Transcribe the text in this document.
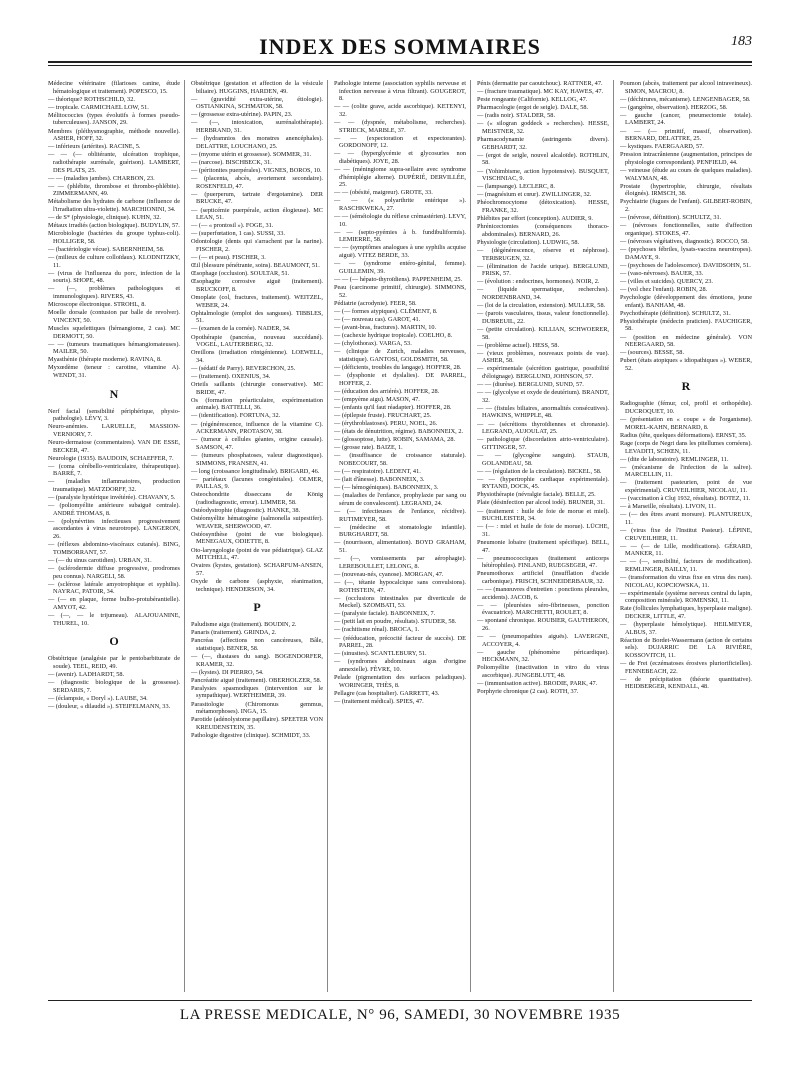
INDEX DES SOMMAIRES	183
Médecine vétérinaire (filarioses canine, étude hématologique et traitement). POPESCO, 15.
— théorique? ROTHSCHILD, 32.
— tropicale. CARMICHAEL LOW, 51.
Mélitococcies (types évolutifs à formes pseudo-tuberculeuses). JANSON, 29.
Membres (pléthysmographie, méthode nouvelle). ASHER, HOFF, 32.
— inférieurs (artérites). RACINE, 5.
— — (— oblitérante, ulcération trophique, radiothérapie surrénale, guérison). LAMBERT, DES PLATS, 25.
— — (maladies jambes). CHARBON, 23.
— — (phlébite, thrombose et thrombo-phlébite). ZIMMERMANN, 49.
Métabolisme des hydrates de carbone (influence de l'irradiation ultra-violette). MARCHIONINI, 34.
— de S* (physiologie, clinique). KUHN, 32.
Métaux irradiés (action biologique). BUDYLIN, 57.
Microbiologie (bactéries du groupe typhus-coli). HOLLIGER, 58.
— (bactériologie vécue). SABERNHEIM, 58.
— (milieux de culture colloïdaux). KLODNITZKY, 11.
— (virus de l'influenza du porc, infection de la souris). SHOPE, 48.
— (—, problèmes pathologiques et immunologiques). RIVERS, 43.
Microscope électronique. STROHL, 8.
Moelle dorsale (contusion par balle de revolver). VINCENT, 50.
Muscles squelettiques (hémangiome, 2 cas). MC DERMOTT, 50.
— — (tumeurs traumatiques hémangiomateuses). MAILER, 50.
Myasthénie (thérapie moderne). RAVINA, 8.
Myxœdème (teneur : carotine, vitamine A). WENDT, 31.
N
Nerf facial (sensibilité périphérique, physio-pathologie). LÉVY, 3.
Neuro-anémies. LARUELLE, MASSION-VERNIORY, 7.
Neuro-dermatose (commentaires). VAN DE ESSE, BECKER, 47.
Neurologie (1935). BAUDOIN, SCHAEFFER, 7.
— (coma cérébello-ventriculaire, thérapeutique). BARRÉ, 7.
— (maladies inflammatoires, production traumatique). MATZDORFF, 32.
— (paralysie hystérique invétérée). CHAVANY, 5.
— (poliomyélite antérieure subaiguë centrale). ANDRÉ THOMAS, 8.
— (polynévrites infectieuses progressivement ascendantes à virus neurotrope). LANGERON, 26.
— (réflexes abdomino-viscéraux cutanés). BING, TOMBORRANT, 57.
— (— du sinus carotidien). URBAN, 31.
— (sclérodermie diffuse progressive, prodromes peu connus). NARGELI, 58.
— (sclérose latérale amyotrophique et syphilis). NAYRAC, PATOIR, 34.
— (— en plaque, forme bulbo-protubérantielle). AMYOT, 42.
— (—, — le trijumeau). ALAJOUANINE, THUREL, 10.
O
Obstétrique (analgésie par le pentobarbiturate de soude). TEEL, REID, 49.
— (avenir). LADHARDT, 58.
— (diagnostic biologique de la grossesse). SERDARIS, 7.
— (éclampsie, « Doryl »). LAUBE, 34.
— (douleur, « dilaudid »). STEIFELMANN, 33.
Obstétrique (gestation et affection de la vésicule biliaire). HUGGINS, HARDEN, 49.
— (gravidité extra-utérine, étiologie). OSTIANKINA, SCHMATOK, 58.
— (grossesse extra-utérine). PAPIN, 23.
— (—, intoxication, surrénalothérapie). HERBRAND, 31.
— (hydramnios des monstres anencéphales). DELATTRE, LOUCHANO, 25.
— (myome utérin et grossesse). SOMMER, 31.
— (narcose). BISCHBECK, 31.
— (péritonites puerpérales). VIGNES, BOROS, 10.
— (placenta, abcès, avortement secondaire). ROSENFELD, 47.
— (puerperum, tartrate d'ergotamine). DER BRUCKE, 47.
— (septicémie puerpérale, action élogieuse). MC LEAN, 51.
— (— « prontosil »). FOGE, 31.
— (superfœtation, 1 cas). SUSSI, 33.
Odontologie (dents qui s'arrachent par la narine). FISCHER, 2.
— (— et peau). FISCHER, 3.
Œil (blessure pénétrante, soins). BEAUMONT, 51.
Œsophage (occlusion). SOULTAR, 51.
Œsophagite corrosive aiguë (traitement). BRUCKOFF, 8.
Omoplate (col, fractures, traitement). WEITZEL, WEBER, 24.
Ophtalmologie (emploi des sangsues). TIBBLES, 51.
— (examen de la cornée). NADER, 34.
Opothérapie (pancréas, nouveau succédané). VOGEL, LAUTERBERG, 32.
Oreillons (irradiation röntgénienne). LOEWELL, 34.
— (sédatif de Parry). REVERCHON, 25.
— (traitement). OXENIUS, 34.
Orteils saillants (chirurgie conservative). MC BRIDE, 47.
Os (formation préarticulaire, expérimentation animale). BATTELLI, 36.
— (identification). FORTUNA, 32.
— (régénérescence, influence de la vitamine C). ACKERMANN, PROTASOV, 38.
— (tumeur à cellules géantes, origine causale). SAMSON, 47.
— (tumeurs phosphatoses, valeur diagnostique). SIMMONS, FRANSEN, 41.
— long (croissance longitudinale). BRIGARD, 46.
— pariétaux (lacunes congénitales). OLMER, PAILLAS, 9.
Osteochondrite disseccans de König (radiodiagnostic, erreur). LIMMER, 58.
Ostéodystrophie (diagnostic). HANKE, 38.
Ostéomyélite hématogène (salmonella suipestifer). WEAVER, SHERWOOD, 47.
Ostéosynthèse (point de vue biologique). MENEGAUX, ODIETTE, 8.
Oto-laryngologie (point de vue pédiatrique). GLAZ MITCHELL, 47.
Ovaires (kystes, gestation). SCHARFUM-ANSEN, 57.
Oxyde de carbone (asphyxie, réanimation, technique). HENDERSON, 34.
P
Paludisme aigu (traitement). BOUDIN, 2.
Panaris (traitement). GRINDA, 2.
Pancréas (affections non cancéreuses, Bâle, statistique). BENER, 58.
— (—, diastases du sang). BOGENDORFER, KRAMER, 32.
— (kystes). DI PIERRO, 54.
Pancréatite aiguë (traitement). OBERHOLZER, 58.
Paralysies spasmodiques (intervention sur le sympathique). WERTHEIMER, 39.
Parasitologie (Chiromonus gemmus, métamorphoses). INGA, 15.
Parotide (adénolystome papillaire). SPEETER VON KREUDENSTEIN, 35.
Pathologie digestive (clinique). SCHMIDT, 33.
Pathologie interne (association syphilis nerveuse et infection nerveuse à virus filtrant). GOUGEROT, 8.
— — (colite grave, acide ascorbique). KETENYI, 32.
— — (dyspnée, métabolisme, recherches). STRIECK, MARBLE, 37.
— — (expectoration et expectorantes). GORDONOFF, 12.
— — (hyperglycémie et glycosuries non diabétiques). JOYE, 28.
— — (méningiome supra-sellaire avec syndrome d'hémiplégie alterne). DUPÉRIÉ, DERVILLÉE, 25.
— — (obésité, maigreur). GROTE, 33.
— — (« polyarthrite entérique »). RASCHKWEKA, 27.
— — (séméiologie du réflexe crémastérien). LEVY, 10.
— — (septo-pyémies à b. fundibuliformis). LEMIERRE, 58.
— — (symptômes analogues à une syphilis acquise aiguë). VITEZ BERDE, 33.
— — (syndrome entéro-génital, femme). GUILLEMIN, 39.
— — (— hépato-thyroïdiens). PAPPENHEIM, 25.
Peau (carcinome primitif, chirurgie). SIMMONS, 52.
Pédiatrie (acrodynie). FEER, 58.
— (— formes atypiques). CLÉMENT, 8.
— (— nouveau cas). GAROT, 41.
— (avant-bras, fractures). MARTIN, 10.
— (cachexie hydrique tropicale). COELHO, 8.
— (chylothorax). VARGA, 53.
— (clinique de Zurich, maladies nerveuses, statistique). GANTOSI, GOLDSMITH, 58.
— (déficients, troubles du langage). HOFFER, 28.
— (dysphonie et dyslalies). DE PARREL, HOFFER, 2.
— (éducation des arriérés). HOFFER, 28.
— (empyème aigu). MASON, 47.
— (enfants qu'il faut réadapter). HOFFER, 28.
— (épilepsie fruste). FRUCHART, 25.
— (érythroblastoses). PERU, NOEL, 26.
— (états de dénutrition, régime). BABONNEIX, 2.
— (glossoptose, lutte). ROBIN, SAMAMA, 28.
— (grosse rate). BAIZE, 1.
— (insuffisance de croissance staturale). NOBECOURT, 58.
— (— respiratoire). LEDENT, 41.
— (lait d'ânesse). BABONNEIX, 3.
— (— hémogéniques). BABONNEIX, 3.
— (maladies de l'enfance, prophylaxie par sang ou sérum de convalescent). LEGRAND, 24.
— (— infectieuses de l'enfance, récidive). RUTIMEYER, 58.
— (médecine et stomatologie infantile). BURGHARDT, 58.
— (nourrisson, alimentation). BOYD GRAHAM, 51.
— (—, vomissements par aérophagie). LEREBOULLET, LELONG, 8.
— (nouveau-nés, cyanose). MORGAN, 47.
— (—, tétanie hypocalcique sans convulsions). ROTHSTEIN, 47.
— (occlusions intestinales par diverticule de Meckel). SZOMBATI, 53.
— (paralysie faciale). BABONNEIX, 7.
— (petit lait en poudre, résultats). STUDER, 58.
— (rachitisme rénal). BROCA, 1.
— (rééducation, précocité facteur de succès). DE PARREL, 28.
— (sinusites). SCANTLEBURY, 51.
— (syndromes abdominaux aigus d'origine annexielle). FÈVRE, 10.
Pelade (pigmentation des surfaces peladiques). WORINGER, THÈS, 8.
Pellagre (cas hospitalier). GARRETT, 43.
— (traitement médical). SPIES, 47.
Pénis (dermatite par caoutchouc). RATTNER, 47.
— (fracture traumatique). MC KAY, HAWES, 47.
Peste rongeante (Californie). KELLOG, 47.
Pharmacologie (ergot de seigle). DALE, 58.
— (radis noir). STALDER, 58.
— (« silogran goddeck » recherches). HESSE, MEISTNER, 32.
Pharmacodynamie (astringents divers). GEBHARDT, 32.
— (ergot de seigle, nouvel alcaloïde). ROTHLIN, 58.
— (Yohimbisme, action hypotensive). BUSQUET, VISCHNIAC, 9.
— (lampsange). LECLERC, 8.
— (magnésium et cœur). ZWILLINGER, 32.
Phéochromocytome (détoxication). HESSE, FRANKE, 32.
Phlébites par effort (conception). AUDIER, 9.
Phrénicectomies (conséquences thoraco-abdominales). BERNARD, 26.
Physiologie (circulation). LUDWIG, 58.
— (dégénérescence, réserve et néphrose). TERBRUGEN, 32.
— (élimination de l'acide urique). BERGLUND, FRISK, 57.
— (évolution : endocrines, hormones). NOIR, 2.
— (liquide spermatique, recherches). NORDENBRAND, 34.
— (loi de la circulation, extension). MULLER, 58.
— (parois vasculaires, tissus, valeur fonctionnelle). DUBREUIL, 22.
— (petite circulation). KILLIAN, SCHWOERER, 58.
— (problème actuel). HESS, 58.
— (vieux problèmes, nouveaux points de vue). ASHER, 58.
— expérimentale (sécrétion gastrique, possibilité d'éloignage). BERGLUND, JOHNSON, 57.
— — (diurèse). BERGLUND, SUND, 57.
— — (glycolyse et oxyde de deutérium). BRANDT, 32.
— — (fistules biliaires, anormalités consécutives). HAWKINS, WHIPPLE, 48.
— — (sécrétions thyroïdiennes et chronaxie). LEGRAND, AUJOULAT, 25.
— pathologique (discordation atrio-ventriculaire). GITTINGER, 57.
— — (glycogène sanguin). STAUB, GOLANDEAU, 58.
— — (régulation de la circulation). BICKEL, 58.
— — (hypertrophie cardiaque expérimentale). RYTAND, DOCK, 45.
Physiothérapie (névralgie faciale). BELLE, 25.
Plaie (désinfection par alcool iodé). BRUNER, 31.
— (traitement : huile de foie de morue et miel). BUCHLEISTER, 34.
— (— : miel et huile de foie de morue). LÜCHE, 31.
Pneumonie lobaire (traitement spécifique). BELL, 47.
— pneumococciques (traitement anticorps hétérophiles). FINLAND, RUEGSEGER, 47.
Pneumothorax artificiel (insufflation d'acide carbonique). FRISCH, SCHNEIDERBAUR, 32.
— — (manœuvres d'entretien : ponctions pleurales, accidents). JACOB, 6.
— — (pleurésies séro-fibrineuses, ponction évacuatrice). MARCHETTI, ROULET, 8.
— spontané chronique. ROUBIER, GAUTHERON, 26.
— — (pneumopathies aiguës). LAVERGNE, ACCOYER, 4.
— gauche (phénomène péricardique). HECKMANN, 32.
Poliomyélite (inactivation in vitro du virus ascorbique). JUNGEBLUTT, 48.
— (immunisation active). BRODIE, PARK, 47.
Porphyrie chronique (2 cas). ROTH, 37.
Poumon (abcès, traitement par alcool intraveineux). SIMON, MACROU, 8.
— (déchirures, mécanisme). LENGENBAGER, 58.
— (gangrène, observation). HERZOG, 58.
— gauche (cancer, pneumectomie totale). LAMBERT, 24.
— — (— primitif, massif, observation). BERNARD, DELATTRE, 25.
— kystiques. FAERGAARD, 57.
Pression intracrânienne (augmentation, principes de physiologie correspondant). PENFIELD, 44.
— veineuse (étude au cours de quelques maladies). WALYMAN, 48.
Prostate (hypertrophie, chirurgie, résultats éloignés). IRMSCH, 38.
Psychiatrie (fugues de l'enfant). GILBERT-ROBIN, 2.
— (névrose, définition). SCHULTZ, 31.
— (névroses fonctionnelles, suite d'affection organique). STOKES, 47.
— (névroses végétatives, diagnostic). ROCCO, 58.
— (psychoses fébriles, lysats-vaccins neurotropes). DAMAYE, 9.
— (psychoses de l'adolescence). DAVIDSOHN, 51.
— (vaso-névroses). BAUER, 33.
— (villes et suicides). QUERCY, 23.
— (vol chez l'enfant). ROBIN, 28.
Psychologie (développement des émotions, jeune enfant). BANHAM, 48.
Psychothérapie (définition). SCHULTZ, 31.
Physiothérapie (médecin praticien). FAUCHIGER, 58.
— (position en médecine générale). VON NEERGAARD, 58.
— (sources). BESSE, 58.
Pubert (états atopiques « idiopathiques »). WEBER, 52.
R
Radiographie (fémur, col, profil et orthopédie). DUCROQUET, 10.
— (présentation en « coupe » de l'organisme). MOREL-KAHN, BERNARD, 8.
Radius (tête, quelques déformations). ERNST, 35.
Rage (corps de Negri dans les pitellumes cornéens). LEVADITI, SCHŒN, 11.
— (dite de laboratoire). REMLINGER, 11.
— (mécanisme de l'infection de la salive). MARCELLIN, 11.
— (traitement pasteurien, point de vue expérimental). CRUVEILHIER, NICOLAU, 11.
— (vaccination à Cluj 1932, résultats). BOTEZ, 11.
— à Marseille, résultats). LIVON, 11.
— (— des êtres avant morsure). PLANTUREUX, 11.
— (virus fixe de l'Institut Pasteur). LÉPINE, CRUVEILHIER, 11.
— — (— de Lille, modifications). GÉRARD, MANKER, 11.
— — (—, sensibilité, facteurs de modification). REMLINGER, BAILLY, 11.
— (transformation du virus fixe en virus des rues). NICOLAU, KOPCIOWSKA, 11.
— expérimentale (système nerveux central du lapin, composition minérale). ROMENSKI, 11.
Rate (follicules lymphatiques, hyperplasie maligne). DECKER, LITTLE, 47.
— (hyperplasie hémolytique). HEILMEYER, ALBUS, 37.
Réaction de Bordet-Wassermann (action de certains sels). DUJARRIC DE LA RIVIÈRE, KOSSOVITCH, 11.
— de Frei (eczématoses érosives pluriorificielles). FENNEBEACH, 22.
— de précipitation (théorie quantitative). HEIDBERGER, KENDALL, 48.
LA PRESSE MEDICALE, N° 96, SAMEDI, 30 NOVEMBRE 1935
